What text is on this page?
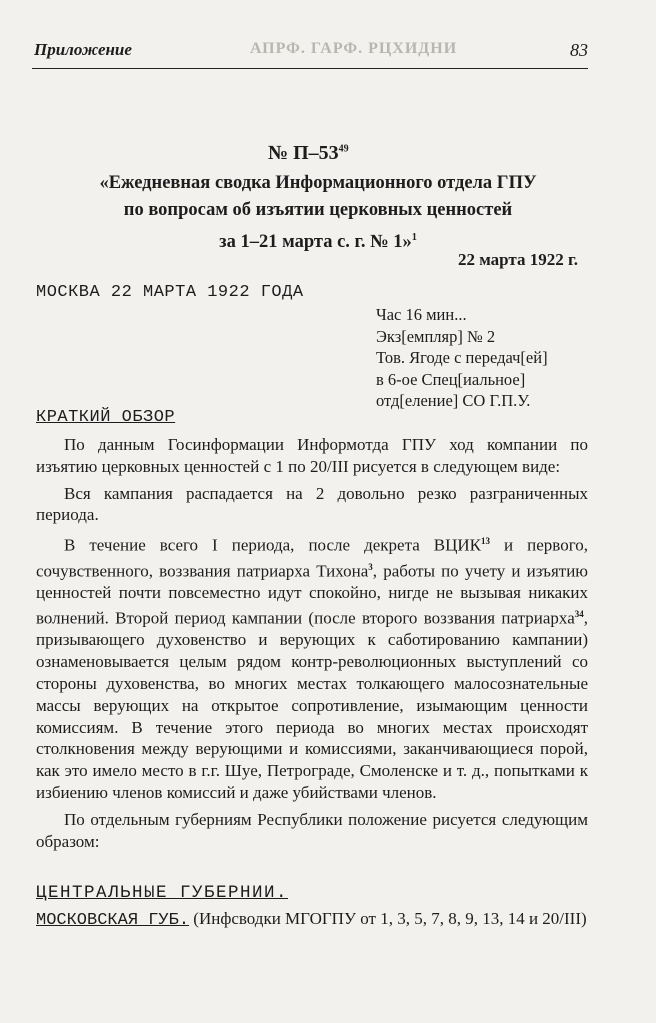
Приложение	83
АПРФ. ГАРФ. РЦХИДНИ
№ $П-53^{49}$
«Ежедневная сводка Информационного отдела ГПУ
по вопросам об изъятии церковных ценностей
за 1–21 марта с. г. № 1»$^1$
22 марта 1922 г.
МОСКВА 22 МАРТА 1922 ГОДА
Час 16 мин...
Экз[емпляр] № 2
Тов. Ягоде с передач[ей]
в 6-ое Спец[иальное]
отд[еление] СО Г.П.У.
КРАТКИЙ ОБЗОР

По данным Госинформации Информотда ГПУ ход компании по изъятию церковных ценностей с 1 по 20/III рисуется в следующем виде:

Вся кампания распадается на 2 довольно резко разграниченных периода.

В течение всего I периода, после декрета ВЦИК$^{13}$ и первого, сочувственного, воззвания патриарха Тихона$^3$, работы по учету и изъятию ценностей почти повсеместно идут спокойно, нигде не вызывая никаких волнений. Второй период кампании (после второго воззвания патриарха$^{34}$, призывающего духовенство и верующих к саботированию кампании) ознаменовывается целым рядом контр-революционных выступлений со стороны духовенства, во многих местах толкающего малосознательные массы верующих на открытое сопротивление, изымающим ценности комиссиям. В течение этого периода во многих местах происходят столкновения между верующими и комиссиями, заканчивающиеся порой, как это имело место в г.г. Шуе, Петрограде, Смоленске и т. д., попытками к избиению членов комиссий и даже убийствами членов.

По отдельным губерниям Республики положение рисуется следующим образом:

ЦЕНТРАЛЬНЫЕ ГУБЕРНИИ.
МОСКОВСКАЯ ГУБ. (Инфсводки МГОГПУ от 1, 3, 5, 7, 8, 9, 13, 14 и 20/III)
